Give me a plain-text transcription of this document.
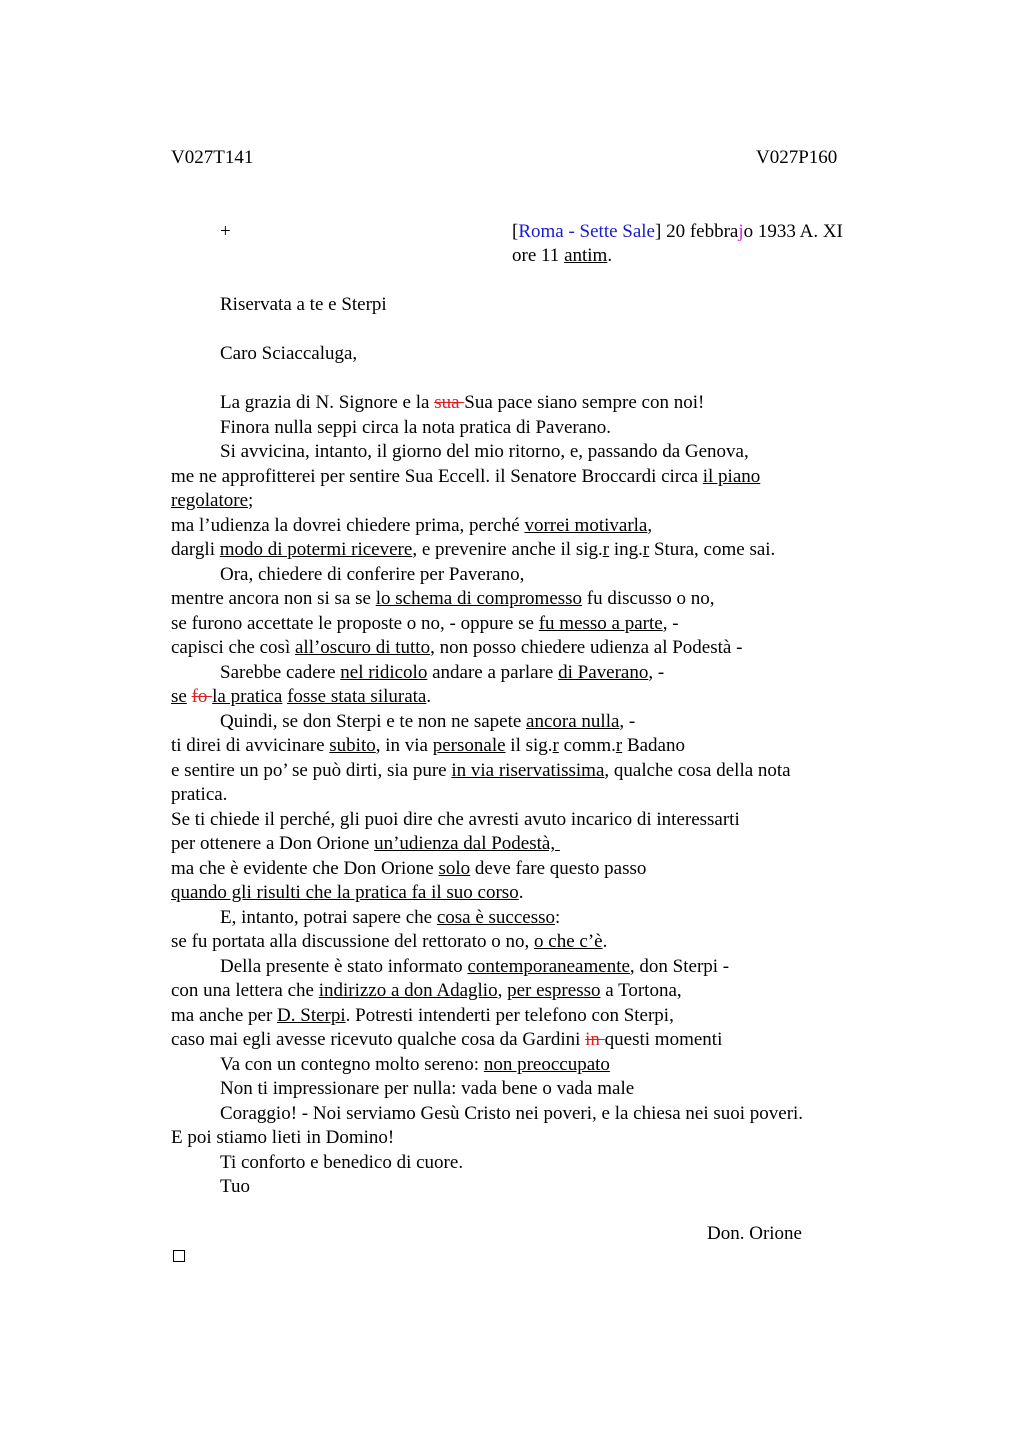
V027T141	V027P160
+	[Roma - Sette Sale] 20 febbrajo 1933 A. XI
ore 11 antim.
Riservata a te e Sterpi
Caro Sciaccaluga,
La grazia di N. Signore e la sua Sua pace siano sempre con noi!
Finora nulla seppi circa la nota pratica di Paverano.
Si avvicina, intanto, il giorno del mio ritorno, e, passando da Genova,
me ne approfitterei per sentire Sua Eccell. il Senatore Broccardi circa il piano
regolatore;
ma l’udienza la dovrei chiedere prima, perché vorrei motivarla,
dargli modo di potermi ricevere, e prevenire anche il sig.r ing.r Stura, come sai.
Ora, chiedere di conferire per Paverano,
mentre ancora non si sa se lo schema di compromesso fu discusso o no,
se furono accettate le proposte o no, - oppure se fu messo a parte, -
capisci che così all’oscuro di tutto, non posso chiedere udienza al Podestà -
Sarebbe cadere nel ridicolo andare a parlare di Paverano, -
se fo la pratica fosse stata silurata.
Quindi, se don Sterpi e te non ne sapete ancora nulla, -
ti direi di avvicinare subito, in via personale il sig.r comm.r Badano
e sentire un po’ se può dirti, sia pure in via riservatissima, qualche cosa della nota
pratica.
Se ti chiede il perché, gli puoi dire che avresti avuto incarico di interessarti
per ottenere a Don Orione un’udienza dal Podestà,
ma che è evidente che Don Orione solo deve fare questo passo
quando gli risulti che la pratica fa il suo corso.
E, intanto, potrai sapere che cosa è successo:
se fu portata alla discussione del rettorato o no, o che c’è.
Della presente è stato informato contemporaneamente, don Sterpi -
con una lettera che indirizzo a don Adaglio, per espresso a Tortona,
ma anche per D. Sterpi. Potresti intenderti per telefono con Sterpi,
caso mai egli avesse ricevuto qualche cosa da Gardini in questi momenti
Va con un contegno molto sereno: non preoccupato
Non ti impressionare per nulla: vada bene o vada male
Coraggio! - Noi serviamo Gesù Cristo nei poveri, e la chiesa nei suoi poveri.
E poi stiamo lieti in Domino!
Ti conforto e benedico di cuore.
Tuo
Don. Orione
